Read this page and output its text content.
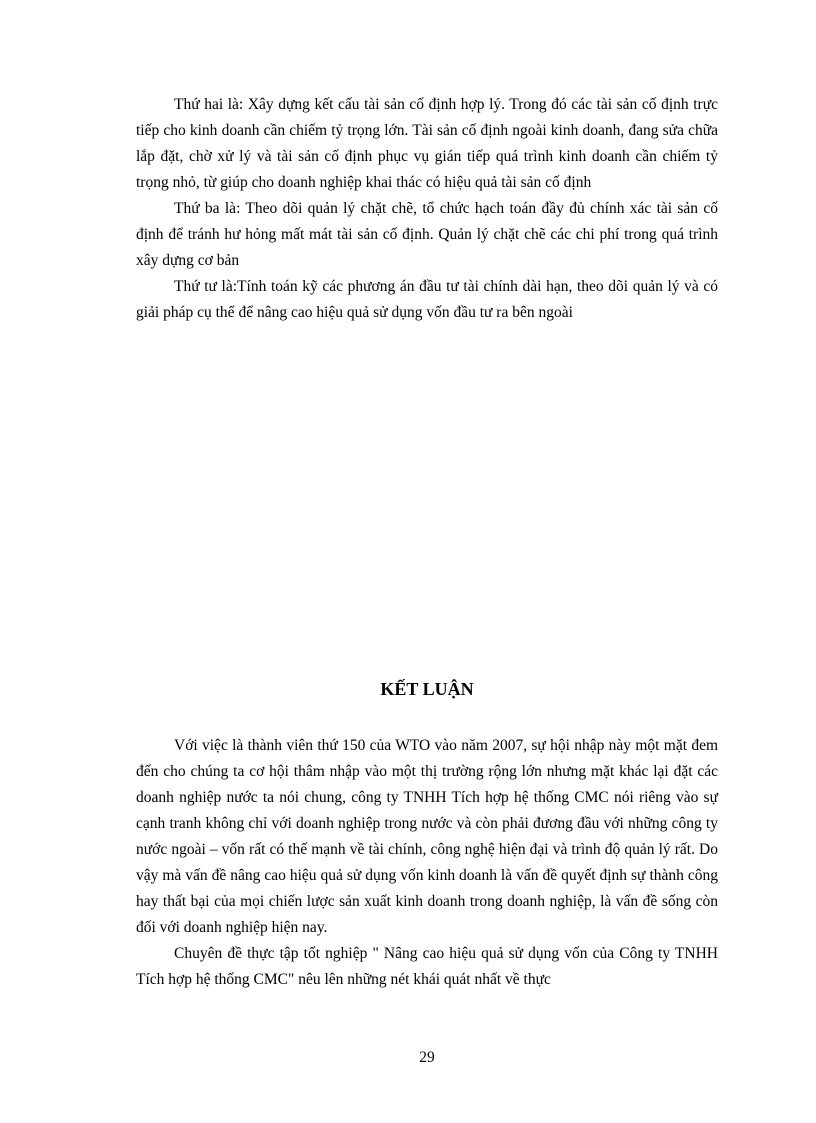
Thứ hai là: Xây dựng kết cấu tài sản cố định hợp lý. Trong đó các tài sản cố định trực tiếp cho kinh doanh cần chiếm tỷ trọng lớn. Tài sản cố định ngoài kinh doanh, đang sửa chữa lắp đặt, chờ xử lý và tài sản cố định phục vụ gián tiếp quá trình kinh doanh cần chiếm tỷ trọng nhỏ, từ giúp cho doanh nghiệp khai thác có hiệu quả tài sản cố định

Thứ ba là: Theo dõi quản lý chặt chẽ, tổ chức hạch toán đầy đủ chính xác tài sản cố định để tránh hư hỏng mất mát tài sản cố định. Quản lý chặt chẽ các chi phí trong quá trình xây dựng cơ bản

Thứ tư là:Tính toán kỹ các phương án đầu tư tài chính dài hạn, theo dõi quản lý và có giải pháp cụ thể để nâng cao hiệu quả sử dụng vốn đầu tư ra bên ngoài

KẾT LUẬN

Với việc là thành viên thứ 150 của WTO vào năm 2007, sự hội nhập này một mặt đem đến cho chúng ta cơ hội thâm nhập vào một thị trường rộng lớn nhưng mặt khác lại đặt các doanh nghiệp nước ta nói chung, công ty TNHH Tích hợp hệ thống CMC nói riêng vào sự cạnh tranh không chỉ với doanh nghiệp trong nước và còn phải đương đầu với những công ty nước ngoài – vốn rất có thế mạnh về tài chính, công nghệ hiện đại và trình độ quản lý rất. Do vậy mà vấn đề nâng cao hiệu quả sử dụng vốn kinh doanh là vấn đề quyết định sự thành công hay thất bại của mọi chiến lược sản xuất kinh doanh trong doanh nghiệp, là vấn đề sống còn đối với doanh nghiệp hiện nay.

Chuyên đề thực tập tốt nghiệp " Nâng cao hiệu quả sử dụng vốn của Công ty TNHH Tích hợp hệ thống CMC" nêu lên những nét khái quát nhất về thực

29
